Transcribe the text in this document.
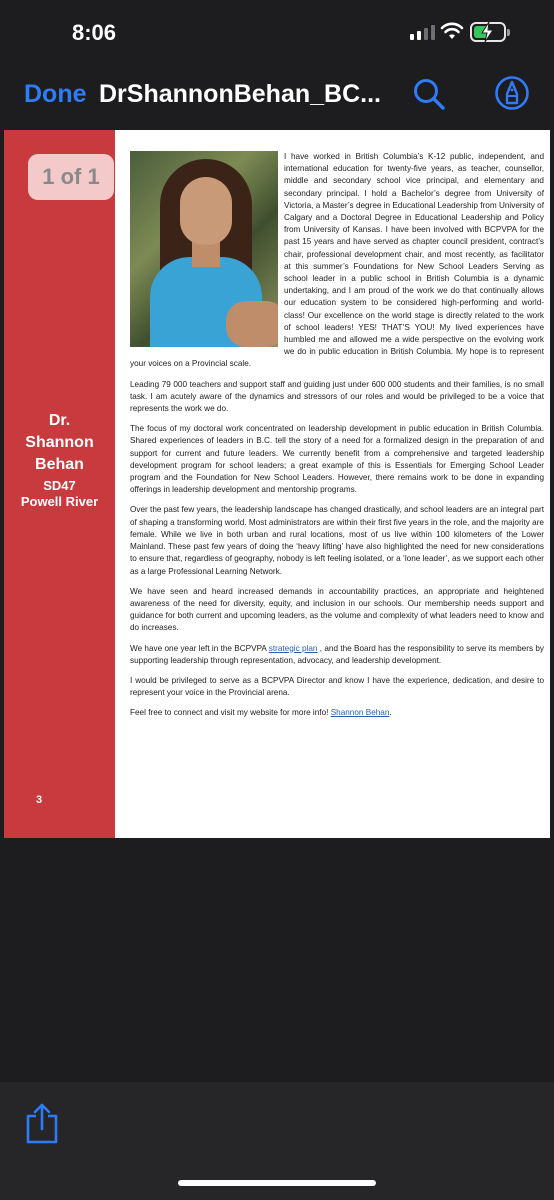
8:06
Done DrShannonBehan_BC...
1 of 1
Dr.
Shannon
Behan
SD47
Powell River
3

I have worked in British Columbia’s K-12 public, independent, and international education for twenty-five years, as teacher, counsellor, middle and secondary school vice principal, and elementary and secondary principal. I hold a Bachelor’s degree from University of Victoria, a Master’s degree in Educational Leadership from University of Calgary and a Doctoral Degree in Educational Leadership and Policy from University of Kansas. I have been involved with BCPVPA for the past 15 years and have served as chapter council president, contract’s chair, professional development chair, and most recently, as facilitator at this summer’s Foundations for New School Leaders Serving as school leader in a public school in British Columbia is a dynamic undertaking, and I am proud of the work we do that continually allows our education system to be considered high-performing and world-class! Our excellence on the world stage is directly related to the work of school leaders! YES! THAT’S YOU! My lived experiences have humbled me and allowed me a wide perspective on the evolving work we do in public education in British Columbia. My hope is to represent your voices on a Provincial scale.

Leading 79 000 teachers and support staff and guiding just under 600 000 students and their families, is no small task. I am acutely aware of the dynamics and stressors of our roles and would be privileged to be a voice that represents the work we do.

The focus of my doctoral work concentrated on leadership development in public education in British Columbia. Shared experiences of leaders in B.C. tell the story of a need for a formalized design in the preparation of and support for current and future leaders. We currently benefit from a comprehensive and targeted leadership development program for school leaders; a great example of this is Essentials for Emerging School Leader program and the Foundation for New School Leaders. However, there remains work to be done in expanding offerings in leadership development and mentorship programs.

Over the past few years, the leadership landscape has changed drastically, and school leaders are an integral part of shaping a transforming world. Most administrators are within their first five years in the role, and the majority are female. While we live in both urban and rural locations, most of us live within 100 kilometers of the Lower Mainland. These past few years of doing the ‘heavy lifting’ have also highlighted the need for new considerations to ensure that, regardless of geography, nobody is left feeling isolated, or a ‘lone leader’, as we support each other as a large Professional Learning Network.

We have seen and heard increased demands in accountability practices, an appropriate and heightened awareness of the need for diversity, equity, and inclusion in our schools. Our membership needs support and guidance for both current and upcoming leaders, as the volume and complexity of what leaders need to know and do increases.

We have one year left in the BCPVPA strategic plan , and the Board has the responsibility to serve its members by supporting leadership through representation, advocacy, and leadership development.

I would be privileged to serve as a BCPVPA Director and know I have the experience, dedication, and desire to represent your voice in the Provincial arena.

Feel free to connect and visit my website for more info! Shannon Behan.
